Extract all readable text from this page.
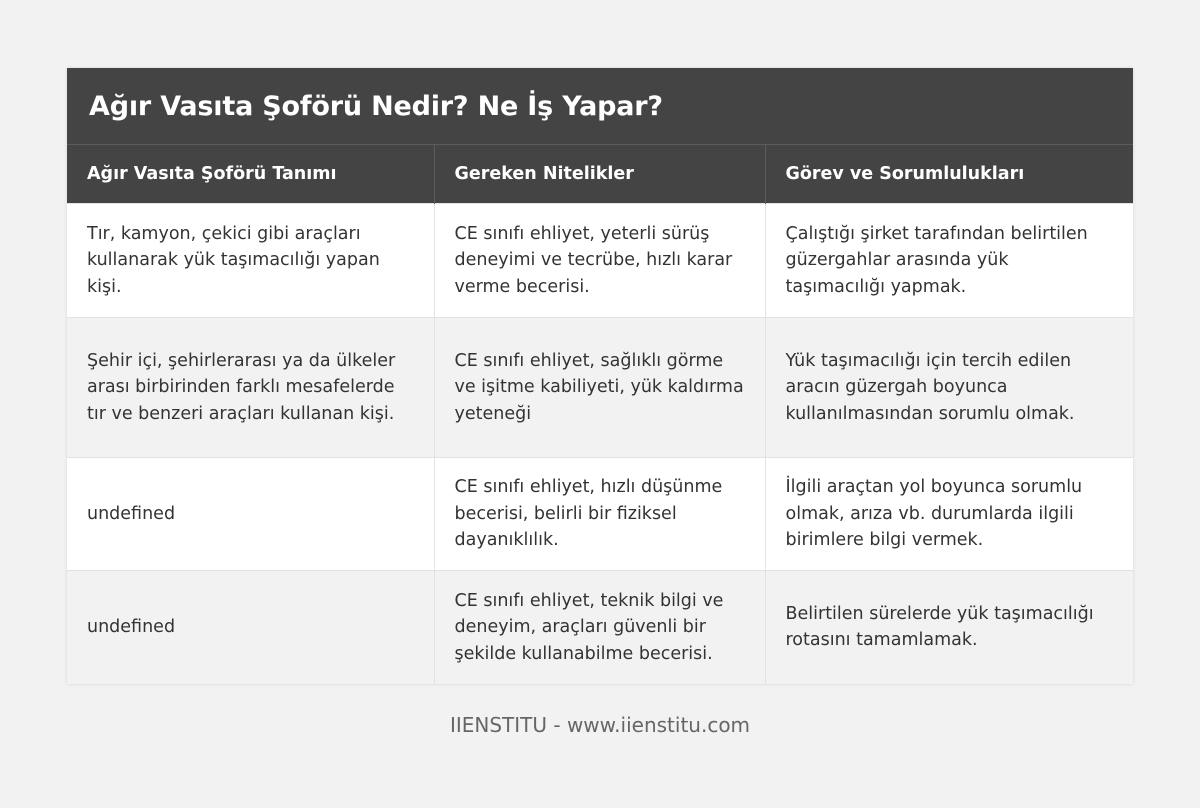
Ağır Vasıta Şoförü Nedir? Ne İş Yapar?
Ağır Vasıta Şoförü Tanımı	Gereken Nitelikler	Görev ve Sorumlulukları
Tır, kamyon, çekici gibi araçları kullanarak yük taşımacılığı yapan kişi.	CE sınıfı ehliyet, yeterli sürüş deneyimi ve tecrübe, hızlı karar verme becerisi.	Çalıştığı şirket tarafından belirtilen güzergahlar arasında yük taşımacılığı yapmak.
Şehir içi, şehirlerarası ya da ülkeler arası birbirinden farklı mesafelerde tır ve benzeri araçları kullanan kişi.	CE sınıfı ehliyet, sağlıklı görme ve işitme kabiliyeti, yük kaldırma yeteneği	Yük taşımacılığı için tercih edilen aracın güzergah boyunca kullanılmasından sorumlu olmak.
undefined	CE sınıfı ehliyet, hızlı düşünme becerisi, belirli bir fiziksel dayanıklılık.	İlgili araçtan yol boyunca sorumlu olmak, arıza vb. durumlarda ilgili birimlere bilgi vermek.
undefined	CE sınıfı ehliyet, teknik bilgi ve deneyim, araçları güvenli bir şekilde kullanabilme becerisi.	Belirtilen sürelerde yük taşımacılığı rotasını tamamlamak.
IIENSTITU - www.iienstitu.com
